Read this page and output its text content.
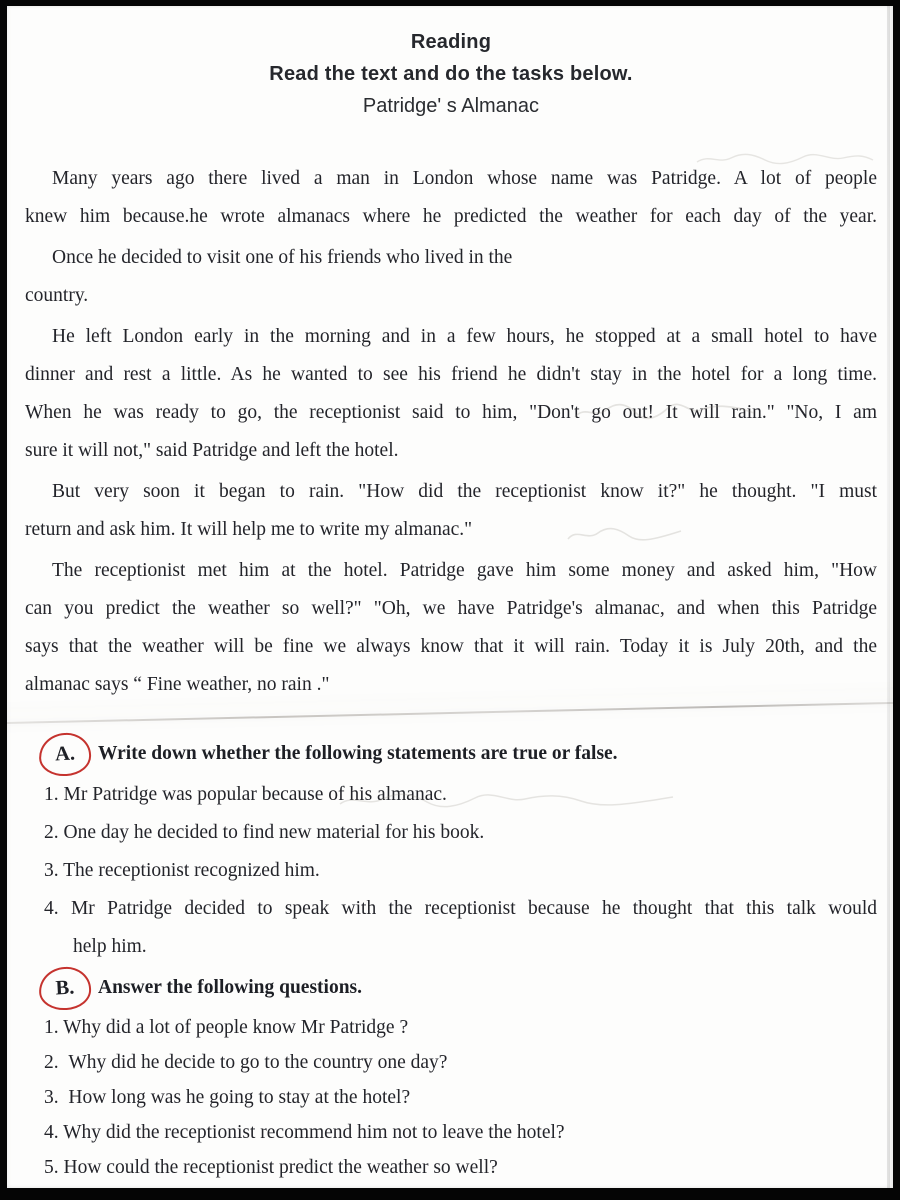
Reading
Read the text and do the tasks below.
Patridge' s Almanac
Many years ago there lived a man in London whose name was Patridge. A lot of people
knew him because.he wrote almanacs where he predicted the weather for each day of the year.
Once he decided to visit one of his friends who lived in the
country.
He left London early in the morning and in a few hours, he stopped at a small hotel to have
dinner and rest a little. As he wanted to see his friend he didn't stay in the hotel for a long time.
When he was ready to go, the receptionist said to him, "Don't go out! It will rain." "No, I am
sure it will not," said Patridge and left the hotel.
But very soon it began to rain. "How did the receptionist know it?" he thought. "I must
return and ask him. It will help me to write my almanac."
The receptionist met him at the hotel. Patridge gave him some money and asked him, "How
can you predict the weather so well?" "Oh, we have Patridge's almanac, and when this Patridge
says that the weather will be fine we always know that it will rain. Today it is July 20th, and the
almanac says “ Fine weather, no rain ."
A. Write down whether the following statements are true or false.
1. Mr Patridge was popular because of his almanac.
2. One day he decided to find new material for his book.
3. The receptionist recognized him.
4. Mr Patridge decided to speak with the receptionist because he thought that this talk would
help him.
B. Answer the following questions.
1. Why did a lot of people know Mr Patridge ?
2.  Why did he decide to go to the country one day?
3.  How long was he going to stay at the hotel?
4. Why did the receptionist recommend him not to leave the hotel?
5. How could the receptionist predict the weather so well?
